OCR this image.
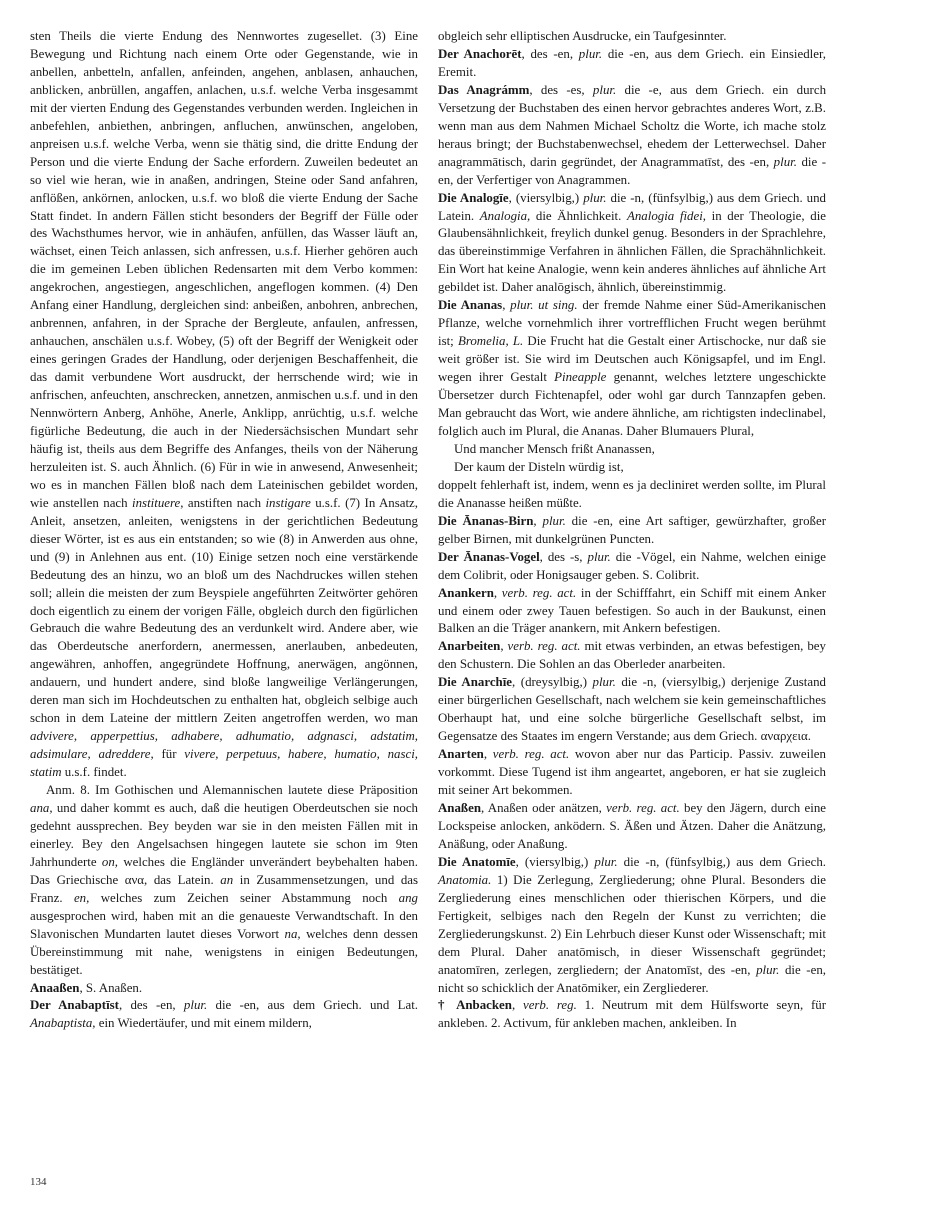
sten Theils die vierte Endung des Nennwortes zugesellet. (3) Eine Bewegung und Richtung nach einem Orte oder Gegenstande, wie in anbellen, anbetteln, anfallen, anfeinden, angehen, anblasen, anhauchen, anblicken, anbrüllen, angaffen, anlachen, u.s.f. welche Verba insgesammt mit der vierten Endung des Gegenstandes verbunden werden. Ingleichen in anbefehlen, anbiethen, anbringen, anfluchen, anwünschen, angeloben, anpreisen u.s.f. welche Verba, wenn sie thätig sind, die dritte Endung der Person und die vierte Endung der Sache erfordern. Zuweilen bedeutet an so viel wie heran, wie in anaßen, andringen, Steine oder Sand anfahren, anflößen, ankörnen, anlocken, u.s.f. wo bloß die vierte Endung der Sache Statt findet. In andern Fällen sticht besonders der Begriff der Fülle oder des Wachsthumes hervor, wie in anhäufen, anfüllen, das Wasser läuft an, wächset, einen Teich anlassen, sich anfressen, u.s.f. Hierher gehören auch die im gemeinen Leben üblichen Redensarten mit dem Verbo kommen: angekrochen, angestiegen, angeschlichen, angeflogen kommen. (4) Den Anfang einer Handlung, dergleichen sind: anbeißen, anbohren, anbrechen, anbrennen, anfahren, in der Sprache der Bergleute, anfaulen, anfressen, anhauchen, anschälen u.s.f. Wobey, (5) oft der Begriff der Wenigkeit oder eines geringen Grades der Handlung, oder derjenigen Beschaffenheit, die das damit verbundene Wort ausdruckt, der herrschende wird; wie in anfrischen, anfeuchten, anschrecken, annetzen, anmischen u.s.f. und in den Nennwörtern Anberg, Anhöhe, Anerle, Anklipp, anrüchtig, u.s.f. welche figürliche Bedeutung, die auch in der Niedersächsischen Mundart sehr häufig ist, theils aus dem Begriffe des Anfanges, theils von der Näherung herzuleiten ist. S. auch Ähnlich. (6) Für in wie in anwesend, Anwesenheit; wo es in manchen Fällen bloß nach dem Lateinischen gebildet worden, wie anstellen nach instituere, anstiften nach instigare u.s.f. (7) In Ansatz, Anleit, ansetzen, anleiten, wenigstens in der gerichtlichen Bedeutung dieser Wörter, ist es aus ein entstanden; so wie (8) in Anwerden aus ohne, und (9) in Anlehnen aus ent. (10) Einige setzen noch eine verstärkende Bedeutung des an hinzu, wo an bloß um des Nachdruckes willen stehen soll; allein die meisten der zum Beyspiele angeführten Zeitwörter gehören doch eigentlich zu einem der vorigen Fälle, obgleich durch den figürlichen Gebrauch die wahre Bedeutung des an verdunkelt wird. Andere aber, wie das Oberdeutsche anerfordern, anermessen, anerlauben, anbedeuten, angewähren, anhoffen, angegründete Hoffnung, anerwägen, angönnen, andauern, und hundert andere, sind bloße langweilige Verlängerungen, deren man sich im Hochdeutschen zu enthalten hat, obgleich selbige auch schon in dem Lateine der mittlern Zeiten angetroffen werden, wo man advivere, apperpettius, adhabere, adhumatio, adgnasci, adstatim, adsimulare, adreddere, für vivere, perpetuus, habere, humatio, nasci, statim u.s.f. findet.

Anm. 8. Im Gothischen und Alemannischen lautete diese Präposition ana, und daher kommt es auch, daß die heutigen Oberdeutschen sie noch gedehnt aussprechen. Bey beyden war sie in den meisten Fällen mit in einerley. Bey den Angelsachsen hingegen lautete sie schon im 9ten Jahrhunderte on, welches die Engländer unverändert beybehalten haben. Das Griechische ανα, das Latein. an in Zusammensetzungen, und das Franz. en, welches zum Zeichen seiner Abstammung noch ang ausgesprochen wird, haben mit an die genaueste Verwandtschaft. In den Slavonischen Mundarten lautet dieses Vorwort na, welches denn dessen Übereinstimmung mit nahe, wenigstens in einigen Bedeutungen, bestätiget.

Anaaßen, S. Anaßen.

Der Anabaptīst, des -en, plur. die -en, aus dem Griech. und Lat. Anabaptista, ein Wiedertäufer, und mit einem mildern,

obgleich sehr elliptischen Ausdrucke, ein Taufgesinnter.

Der Anachorēt, des -en, plur. die -en, aus dem Griech. ein Einsiedler, Eremit.

Das Anagrámm, des -es, plur. die -e, aus dem Griech. ein durch Versetzung der Buchstaben des einen hervor gebrachtes anderes Wort, z.B. wenn man aus dem Nahmen Michael Scholtz die Worte, ich mache stolz heraus bringt; der Buchstabenwechsel, ehedem der Letterwechsel. Daher anagrammātisch, darin gegründet, der Anagrammatīst, des -en, plur. die -en, der Verfertiger von Anagrammen.

Die Analogīe, (viersylbig,) plur. die -n, (fünfsylbig,) aus dem Griech. und Latein. Analogia, die Ähnlichkeit. Analogia fidei, in der Theologie, die Glaubensähnlichkeit, freylich dunkel genug. Besonders in der Sprachlehre, das übereinstimmige Verfahren in ähnlichen Fällen, die Sprachähnlichkeit. Ein Wort hat keine Analogie, wenn kein anderes ähnliches auf ähnliche Art gebildet ist. Daher analōgisch, ähnlich, übereinstimmig.

Die Ananas, plur. ut sing. der fremde Nahme einer Süd-Amerikanischen Pflanze, welche vornehmlich ihrer vortrefflichen Frucht wegen berühmt ist; Bromelia, L. Die Frucht hat die Gestalt einer Artischocke, nur daß sie weit größer ist. Sie wird im Deutschen auch Königsapfel, und im Engl. wegen ihrer Gestalt Pineapple genannt, welches letztere ungeschickte Übersetzer durch Fichtenapfel, oder wohl gar durch Tannzapfen geben. Man gebraucht das Wort, wie andere ähnliche, am richtigsten indeclinabel, folglich auch im Plural, die Ananas. Daher Blumauers Plural,

Und mancher Mensch frißt Ananassen,

Der kaum der Disteln würdig ist,

doppelt fehlerhaft ist, indem, wenn es ja decliniret werden sollte, im Plural die Ananasse heißen müßte.

Die Ānanas-Birn, plur. die -en, eine Art saftiger, gewürzhafter, großer gelber Birnen, mit dunkelgrünen Puncten.

Der Ānanas-Vogel, des -s, plur. die -Vögel, ein Nahme, welchen einige dem Colibrit, oder Honigsauger geben. S. Colibrit.

Anankern, verb. reg. act. in der Schifffahrt, ein Schiff mit einem Anker und einem oder zwey Tauen befestigen. So auch in der Baukunst, einen Balken an die Träger anankern, mit Ankern befestigen.

Anarbeiten, verb. reg. act. mit etwas verbinden, an etwas befestigen, bey den Schustern. Die Sohlen an das Oberleder anarbeiten.

Die Anarchīe, (dreysylbig,) plur. die -n, (viersylbig,) derjenige Zustand einer bürgerlichen Gesellschaft, nach welchem sie kein gemeinschaftliches Oberhaupt hat, und eine solche bürgerliche Gesellschaft selbst, im Gegensatze des Staates im engern Verstande; aus dem Griech. αναρχεια.

Anarten, verb. reg. act. wovon aber nur das Particip. Passiv. zuweilen vorkommt. Diese Tugend ist ihm angeartet, angeboren, er hat sie zugleich mit seiner Art bekommen.

Anaßen, Anaßen oder anätzen, verb. reg. act. bey den Jägern, durch eine Lockspeise anlocken, anködern. S. Äßen und Ätzen. Daher die Anätzung, Anäßung, oder Anaßung.

Die Anatomīe, (viersylbig,) plur. die -n, (fünfsylbig,) aus dem Griech. Anatomia. 1) Die Zerlegung, Zergliederung; ohne Plural. Besonders die Zergliederung eines menschlichen oder thierischen Körpers, und die Fertigkeit, selbiges nach den Regeln der Kunst zu verrichten; die Zergliederungskunst. 2) Ein Lehrbuch dieser Kunst oder Wissenschaft; mit dem Plural. Daher anatōmisch, in dieser Wissenschaft gegründet; anatomīren, zerlegen, zergliedern; der Anatomīst, des -en, plur. die -en, nicht so schicklich der Anatōmiker, ein Zergliederer.

† Anbacken, verb. reg. 1. Neutrum mit dem Hülfsworte seyn, für ankleben. 2. Activum, für ankleben machen, ankleiben. In

134
